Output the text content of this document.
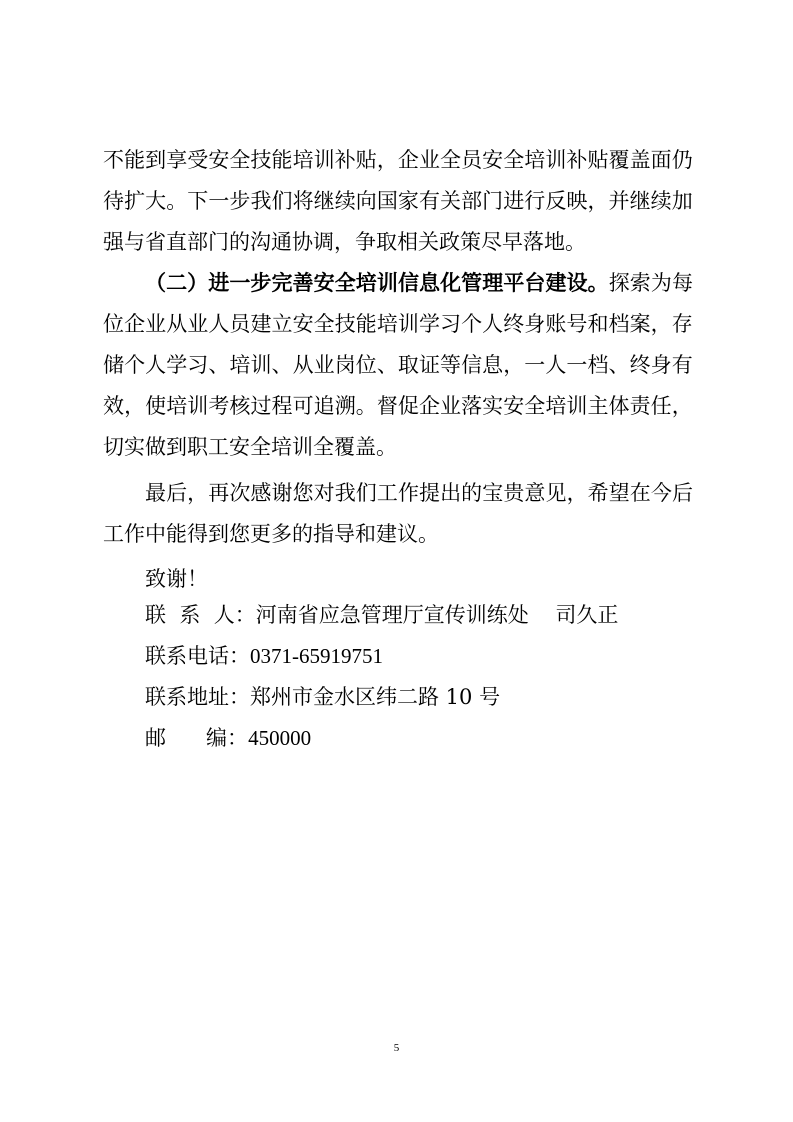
不 能 到 享 受 安 全 技 能 培 训 补 贴 ， 企 业 全 员 安 全 培 训 补 贴 覆 盖 面 仍
待 扩 大 。 下 一 步 我 们 将 继 续 向 国 家 有 关 部 门 进 行 反 映 ， 并 继 续 加
强与省直部门的沟通协调，争取相关政策尽早落地。
（ 二 ） 进 一 步 完 善 安 全 培 训 信 息 化 管 理 平 台 建 设 。 探 索 为 每
位 企 业 从 业 人 员 建 立 安 全 技 能 培 训 学 习 个 人 终 身 账 号 和 档 案 ， 存
储 个 人 学 习 、 培 训 、 从 业 岗 位 、 取 证 等 信 息 ， 一 人 一 档 、 终 身 有
效 ， 使 培 训 考 核 过 程 可 追 溯 。 督 促 企 业 落 实 安 全 培 训 主 体 责 任 ，
切实做到职工安全培训全覆盖。
最 后 ， 再 次 感 谢 您 对 我 们 工 作 提 出 的 宝 贵 意 见 ， 希 望 在 今 后
工作中能得到您更多的指导和建议。
致谢！
联  系  人：河南省应急管理厅宣传训练处    司久正
联系电话：0371-65919751
联系地址：郑州市金水区纬二路 10 号
邮      编：450000
5
